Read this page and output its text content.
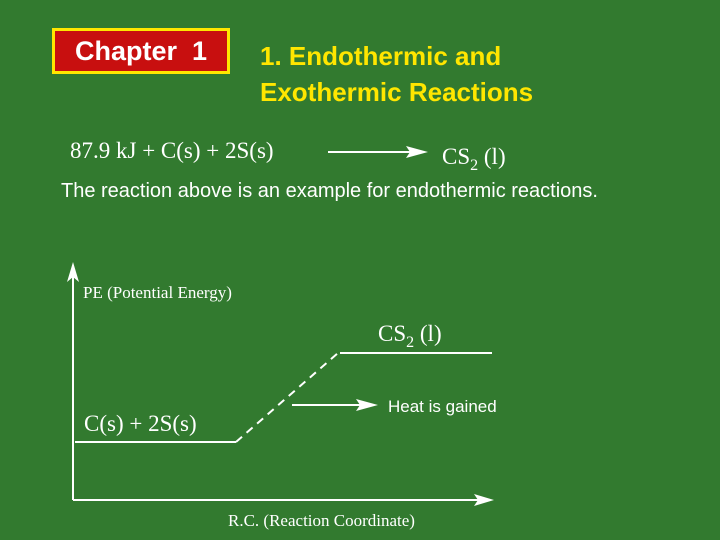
Chapter  1 1. Endothermic and
Exothermic Reactions
87.9 kJ + C(s) + 2S(s)	$CS_2$ (l)
The reaction above is an example for endothermic reactions.
PE (Potential Energy)
$CS_2$ (l)
C(s) + 2S(s)
Heat is gained
R.C. (Reaction Coordinate)
